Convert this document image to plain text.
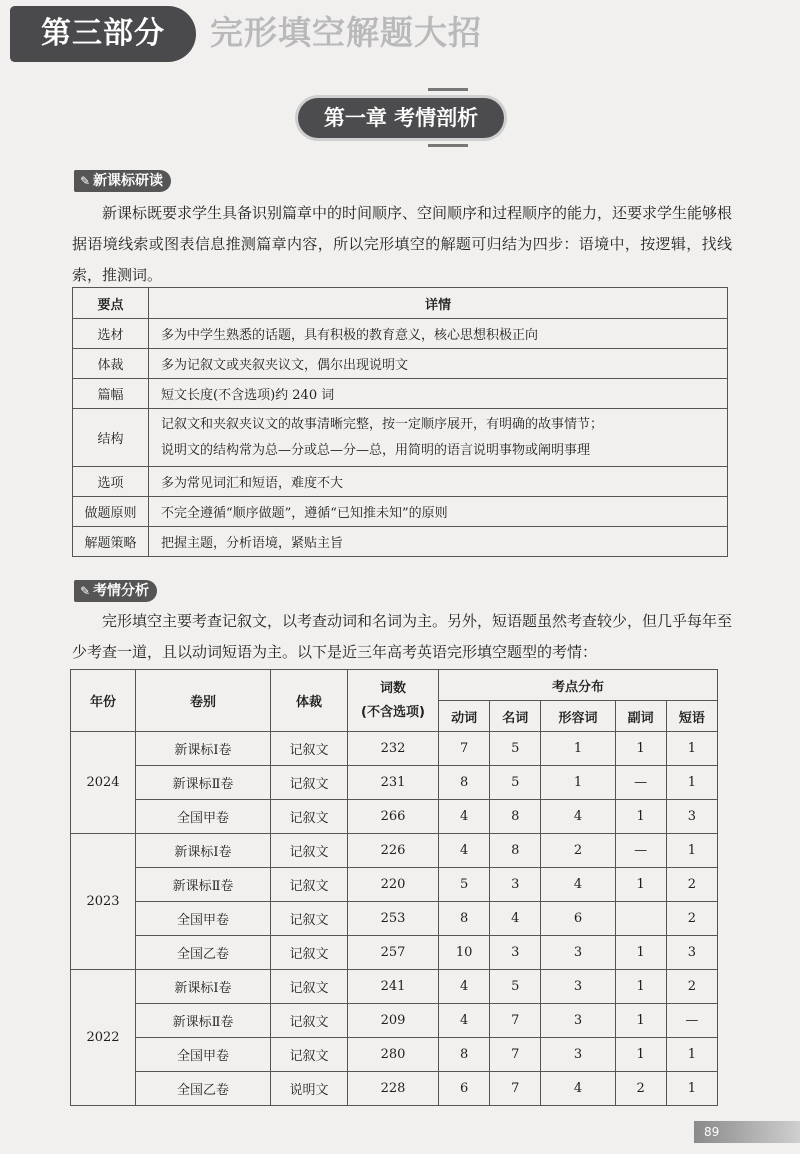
第三部分	完形填空解题大招
第一章 考情剖析
✎ 新课标研读
新课标既要求学生具备识别篇章中的时间顺序、空间顺序和过程顺序的能力，还要求学生能够根据语境线索或图表信息推测篇章内容，所以完形填空的解题可归结为四步：语境中，按逻辑，找线索，推测词。
要点	详情
选材	多为中学生熟悉的话题，具有积极的教育意义，核心思想积极正向
体裁	多为记叙文或夹叙夹议文，偶尔出现说明文
篇幅	短文长度(不含选项)约 240 词
结构	记叙文和夹叙夹议文的故事清晰完整，按一定顺序展开，有明确的故事情节；
说明文的结构常为总—分或总—分—总，用简明的语言说明事物或阐明事理

选项	多为常见词汇和短语，难度不大
做题原则	不完全遵循“顺序做题”，遵循“已知推未知”的原则
解题策略	把握主题，分析语境，紧贴主旨
✎ 考情分析
完形填空主要考查记叙文，以考查动词和名词为主。另外，短语题虽然考查较少，但几乎每年至少考查一道，且以动词短语为主。以下是近三年高考英语完形填空题型的考情：
年份	卷别	体裁	词数
(不含选项)	考点分布				
				动词	名词	形容词	副词	短语
2024	新课标Ⅰ卷	记叙文	232	7	5	1	1	1
	新课标Ⅱ卷	记叙文	231	8	5	1	—	1
	全国甲卷	记叙文	266	4	8	4	1	3
2023	新课标Ⅰ卷	记叙文	226	4	8	2	—	1
	新课标Ⅱ卷	记叙文	220	5	3	4	1	2
	全国甲卷	记叙文	253	8	4	6		2
	全国乙卷	记叙文	257	10	3	3	1	3
2022	新课标Ⅰ卷	记叙文	241	4	5	3	1	2
	新课标Ⅱ卷	记叙文	209	4	7	3	1	—
	全国甲卷	记叙文	280	8	7	3	1	1
	全国乙卷	说明文	228	6	7	4	2	1
89
